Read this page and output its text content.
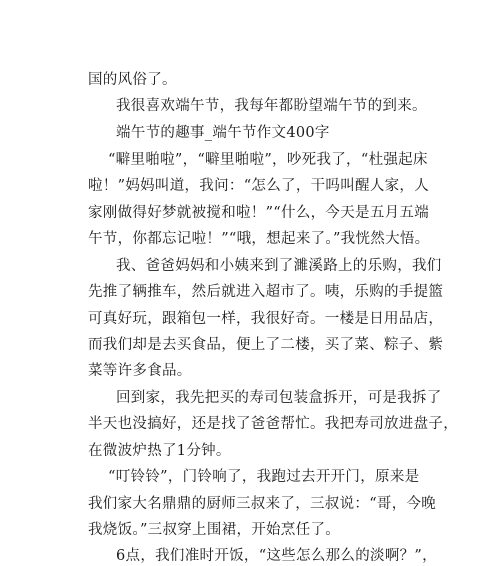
国的风俗了。
我很喜欢端午节，我每年都盼望端午节的到来。
端午节的趣事_端午节作文400字
“噼里啪啦”，“噼里啪啦”，吵死我了，“杜强起床
啦！”妈妈叫道，我问：“怎么了，干吗叫醒人家，人
家刚做得好梦就被搅和啦！”“什么，今天是五月五端
午节，你都忘记啦！”“哦，想起来了。”我恍然大悟。
我、爸爸妈妈和小姨来到了濉溪路上的乐购，我们
先推了辆推车，然后就进入超市了。咦，乐购的手提篮
可真好玩，跟箱包一样，我很好奇。一楼是日用品店，
而我们却是去买食品，便上了二楼，买了菜、粽子、紫
菜等许多食品。
回到家，我先把买的寿司包装盒拆开，可是我拆了
半天也没搞好，还是找了爸爸帮忙。我把寿司放进盘子，
在微波炉热了1分钟。
“叮铃铃”，门铃响了，我跑过去开开门，原来是
我们家大名鼎鼎的厨师三叔来了，三叔说：“哥，今晚
我烧饭。”三叔穿上围裙，开始烹任了。
6点，我们准时开饭，“这些怎么那么的淡啊？”，
